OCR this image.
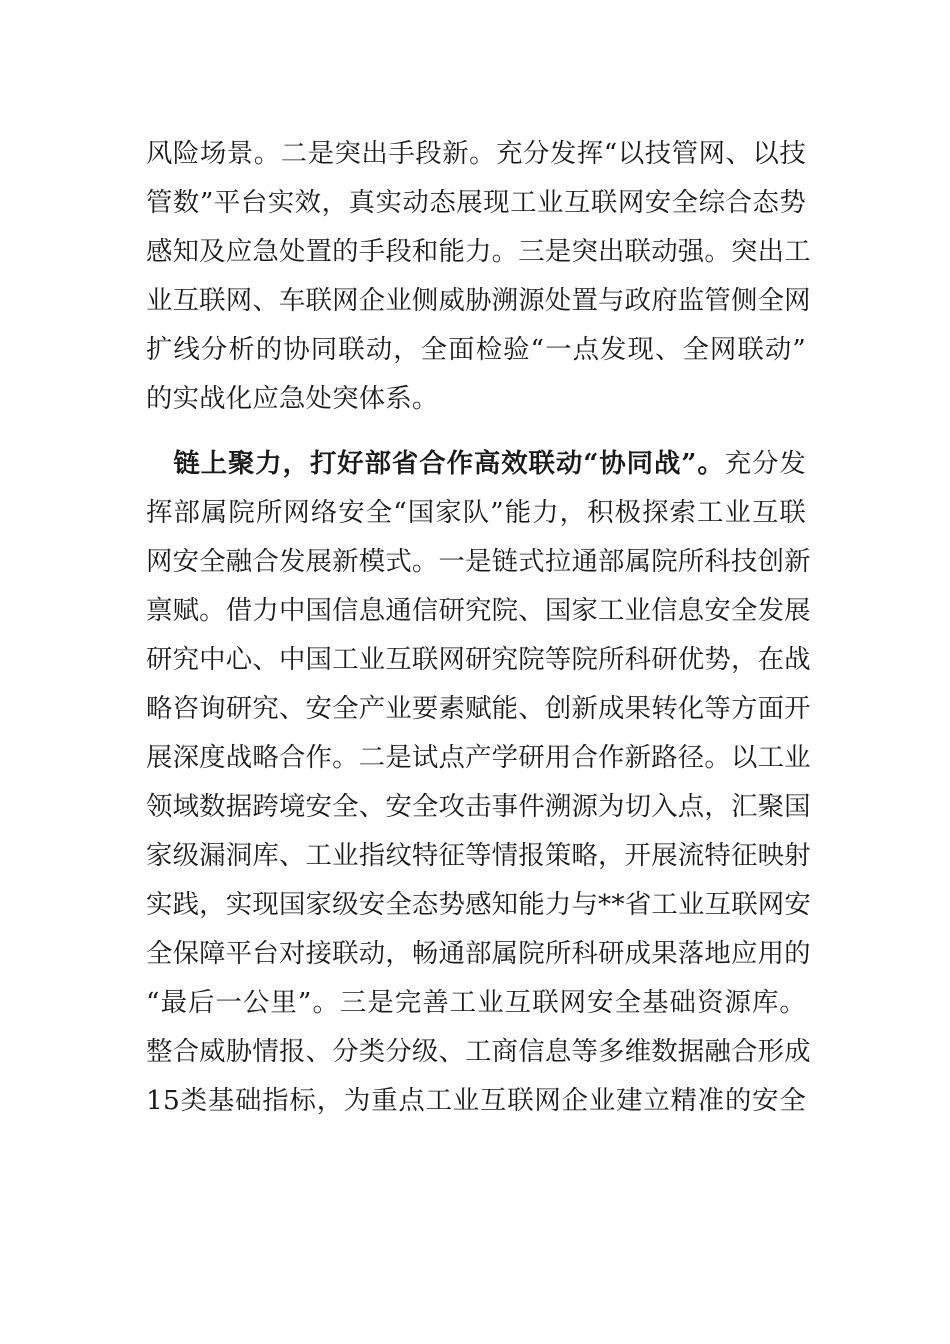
风险场景。二是突出手段新。充分发挥“以技管网、以技
管数”平台实效，真实动态展现工业互联网安全综合态势
感知及应急处置的手段和能力。三是突出联动强。突出工
业互联网、车联网企业侧威胁溯源处置与政府监管侧全网
扩线分析的协同联动，全面检验“一点发现、全网联动”
的实战化应急处突体系。
　链上聚力，打好部省合作高效联动“协同战”。充分发
挥部属院所网络安全“国家队”能力，积极探索工业互联
网安全融合发展新模式。一是链式拉通部属院所科技创新
禀赋。借力中国信息通信研究院、国家工业信息安全发展
研究中心、中国工业互联网研究院等院所科研优势，在战
略咨询研究、安全产业要素赋能、创新成果转化等方面开
展深度战略合作。二是试点产学研用合作新路径。以工业
领域数据跨境安全、安全攻击事件溯源为切入点，汇聚国
家级漏洞库、工业指纹特征等情报策略，开展流特征映射
实践，实现国家级安全态势感知能力与**省工业互联网安
全保障平台对接联动，畅通部属院所科研成果落地应用的
“最后一公里”。三是完善工业互联网安全基础资源库。
整合威胁情报、分类分级、工商信息等多维数据融合形成
15类基础指标，为重点工业互联网企业建立精准的安全
